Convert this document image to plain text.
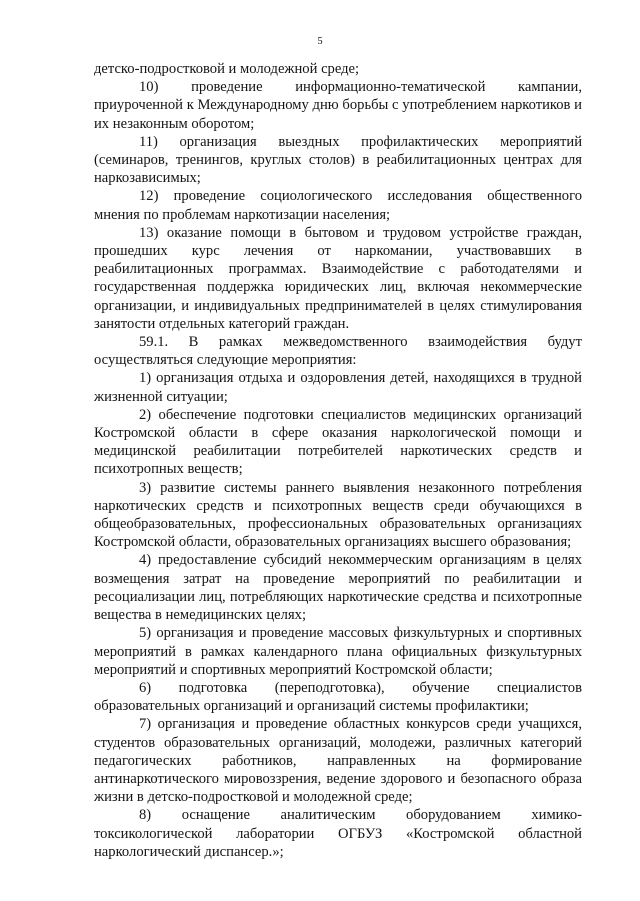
5

детско-подростковой и молодежной среде;

10) проведение информационно-тематической кампании, приуроченной к Международному дню борьбы с употреблением наркотиков и их незаконным оборотом;

11) организация выездных профилактических мероприятий (семинаров, тренингов, круглых столов) в реабилитационных центрах для наркозависимых;

12) проведение социологического исследования общественного мнения по проблемам наркотизации населения;

13) оказание помощи в бытовом и трудовом устройстве граждан, прошедших курс лечения от наркомании, участвовавших в реабилитационных программах. Взаимодействие с работодателями и государственная поддержка юридических лиц, включая некоммерческие организации, и индивидуальных предпринимателей в целях стимулирования занятости отдельных категорий граждан.

59.1. В рамках межведомственного взаимодействия будут осуществляться следующие мероприятия:

1) организация отдыха и оздоровления детей, находящихся в трудной жизненной ситуации;

2) обеспечение подготовки специалистов медицинских организаций Костромской области в сфере оказания наркологической помощи и медицинской реабилитации потребителей наркотических средств и психотропных веществ;

3) развитие системы раннего выявления незаконного потребления наркотических средств и психотропных веществ среди обучающихся в общеобразовательных, профессиональных образовательных организациях Костромской области, образовательных организациях высшего образования;

4) предоставление субсидий некоммерческим организациям в целях возмещения затрат на проведение мероприятий по реабилитации и ресоциализации лиц, потребляющих наркотические средства и психотропные вещества в немедицинских целях;

5) организация и проведение массовых физкультурных и спортивных мероприятий в рамках календарного плана официальных физкультурных мероприятий и спортивных мероприятий Костромской области;

6) подготовка (переподготовка), обучение специалистов образовательных организаций и организаций системы профилактики;

7) организация и проведение областных конкурсов среди учащихся, студентов образовательных организаций, молодежи, различных категорий педагогических работников, направленных на формирование антинаркотического мировоззрения, ведение здорового и безопасного образа жизни в детско-подростковой и молодежной среде;

8) оснащение аналитическим оборудованием химико-токсикологической лаборатории ОГБУЗ «Костромской областной наркологический диспансер.»;
